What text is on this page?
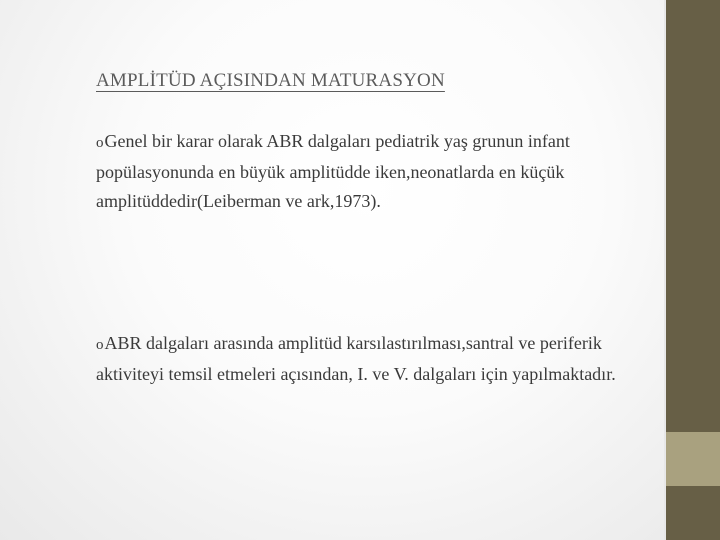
AMPLİTÜD AÇISINDAN MATURASYON

oGenel bir karar olarak ABR dalgaları pediatrik yaş grunun infant popülasyonunda en büyük amplitüdde iken,neonatlarda en küçük amplitüddedir(Leiberman ve ark,1973).

oABR dalgaları arasında amplitüd karsılastırılması,santral ve periferik aktiviteyi temsil etmeleri açısından, I. ve V. dalgaları için yapılmaktadır.
